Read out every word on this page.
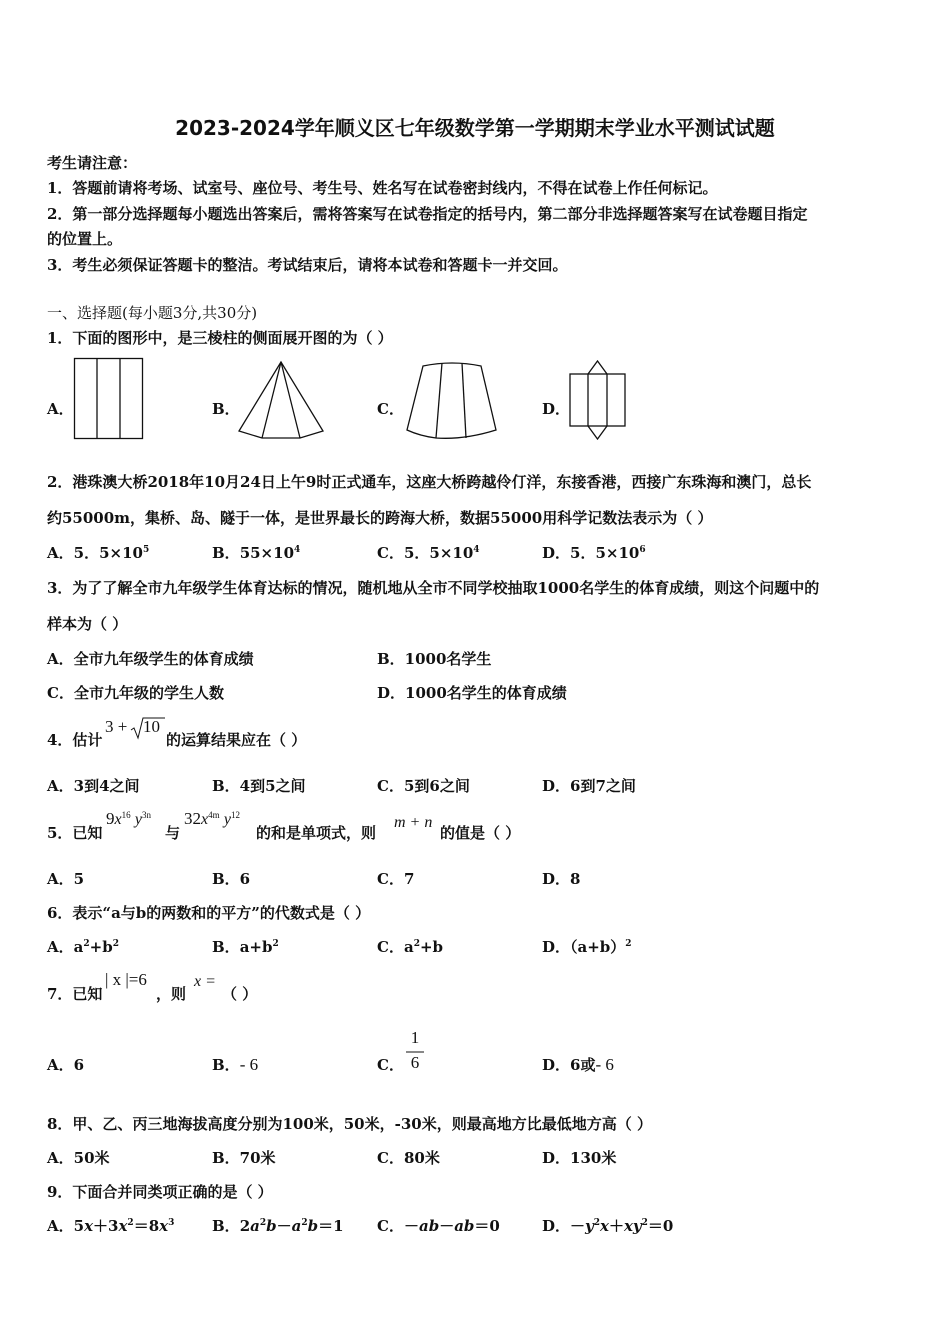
2023-2024学年顺义区七年级数学第一学期期末学业水平测试试题
考生请注意：
1．答题前请将考场、试室号、座位号、考生号、姓名写在试卷密封线内，不得在试卷上作任何标记。
2．第一部分选择题每小题选出答案后，需将答案写在试卷指定的括号内，第二部分非选择题答案写在试卷题目指定
的位置上。
3．考生必须保证答题卡的整洁。考试结束后，请将本试卷和答题卡一并交回。
一、选择题(每小题3分,共30分)
1．下面的图形中，是三棱柱的侧面展开图的为（ ）
A．	B．	C．	D．
2．港珠澳大桥2018年10月24日上午9时正式通车，这座大桥跨越伶仃洋，东接香港，西接广东珠海和澳门，总长
约55000m，集桥、岛、隧于一体，是世界最长的跨海大桥，数据55000用科学记数法表示为（ ）
A．5．$5\times 10^5$	B．$55\times 10^4$	C．5．$5\times 10^4$	D．5．$5\times 10^6$
3．为了了解全市九年级学生体育达标的情况，随机地从全市不同学校抽取1000名学生的体育成绩，则这个问题中的
样本为（ ）
A．全市九年级学生的体育成绩	B．1000名学生
C．全市九年级的学生人数	D．1000名学生的体育成绩
4．估计
3 + 10
的运算结果应在（ ）
A．3到4之间	B．4到5之间	C．5到6之间	D．6到7之间
5．已知
$9x^{16}$ $y^{3n}$
与
$32x^{4m}$ $y^{12}$
的和是单项式，则
m + n
的值是（ ）
A．5	B．6	C．7	D．8
6．表示“a与b的两数和的平方”的代数式是（ ）
A．$a^2+b^2$	B．$a+b^2$	C．$a^2+b$	D．$(a+b)^2$
7．已知
| x |=6
，则
x =
（ ）
A．6	B．- 6	C．
1
6	D．6或- 6
8．甲、乙、丙三地海拔高度分别为100米，50米，-30米，则最高地方比最低地方高（ ）
A．50米	B．70米	C．80米	D．130米
9．下面合并同类项正确的是（ ）
A．$5x+3x^2=8x^3$	B．$2a^2b-a^2b=1$ C．－ab－ab＝0	D．$-y^2x+xy^2=0$
